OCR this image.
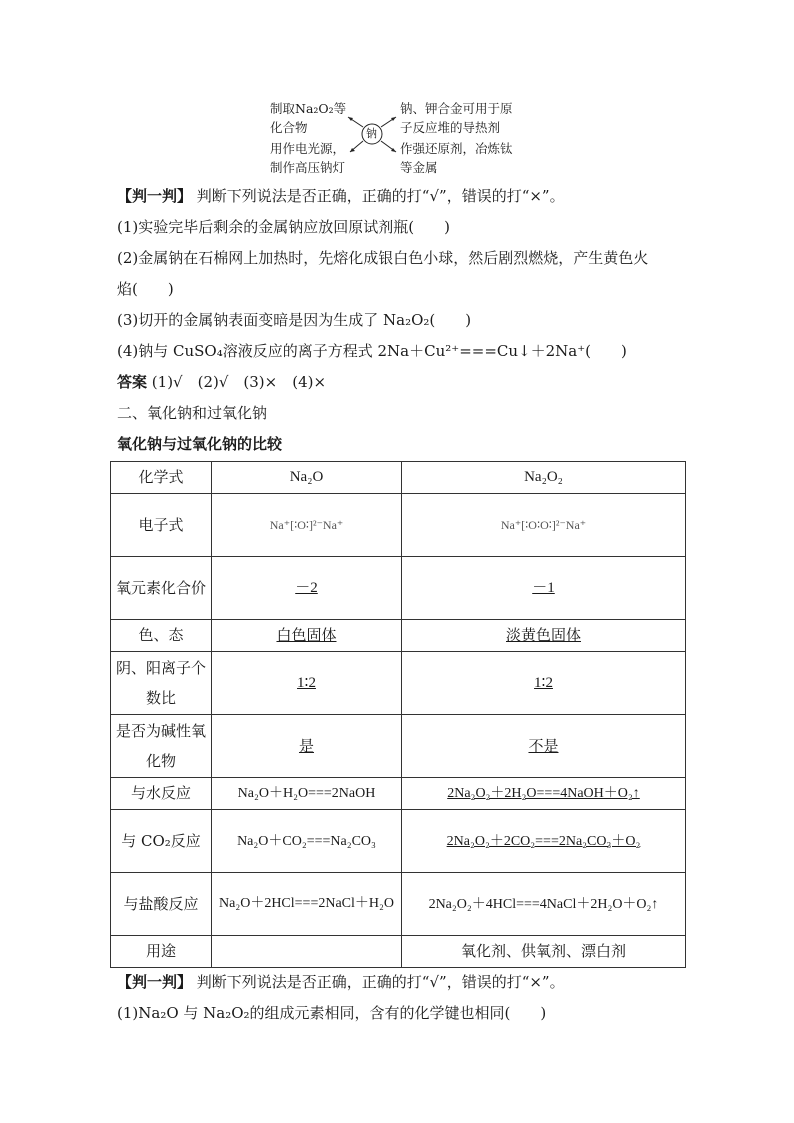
钠
制取Na₂O₂等
化合物
用作电光源，
制作高压钠灯
钠、钾合金可用于原
子反应堆的导热剂
作强还原剂，冶炼钛
等金属
【判一判】 判断下列说法是否正确，正确的打“√”，错误的打“×”。
(1)实验完毕后剩余的金属钠应放回原试剂瓶(　　)
(2)金属钠在石棉网上加热时，先熔化成银白色小球，然后剧烈燃烧，产生黄色火
焰(　　)
(3)切开的金属钠表面变暗是因为生成了 Na₂O₂(　　)
(4)钠与 CuSO₄溶液反应的离子方程式 2Na＋Cu²⁺===Cu↓＋2Na⁺(　　)
答案 (1)√　(2)√　(3)×　(4)×
二、氧化钠和过氧化钠
氧化钠与过氧化钠的比较
化学式	Na₂O	Na₂O₂
电子式	Na⁺[∶O∶]²⁻Na⁺	Na⁺[∶O∶O∶]²⁻Na⁺
氧元素化合价	－2	－1
色、态	白色固体	淡黄色固体
阴、阳离子个数比	1∶2	1∶2
是否为碱性氧化物	是	不是
与水反应	Na₂O＋H₂O===2NaOH	2Na₂O₂＋2H₂O===4NaOH＋O₂↑
与 CO₂反应	Na₂O＋CO₂===Na₂CO₃	2Na₂O₂＋2CO₂===2Na₂CO₃＋O₂
与盐酸反应	Na₂O＋2HCl===2NaCl＋H₂O	2Na₂O₂＋4HCl===4NaCl＋2H₂O＋O₂↑
用途		氧化剂、供氧剂、漂白剂
【判一判】 判断下列说法是否正确，正确的打“√”，错误的打“×”。
(1)Na₂O 与 Na₂O₂的组成元素相同，含有的化学键也相同(　　)
